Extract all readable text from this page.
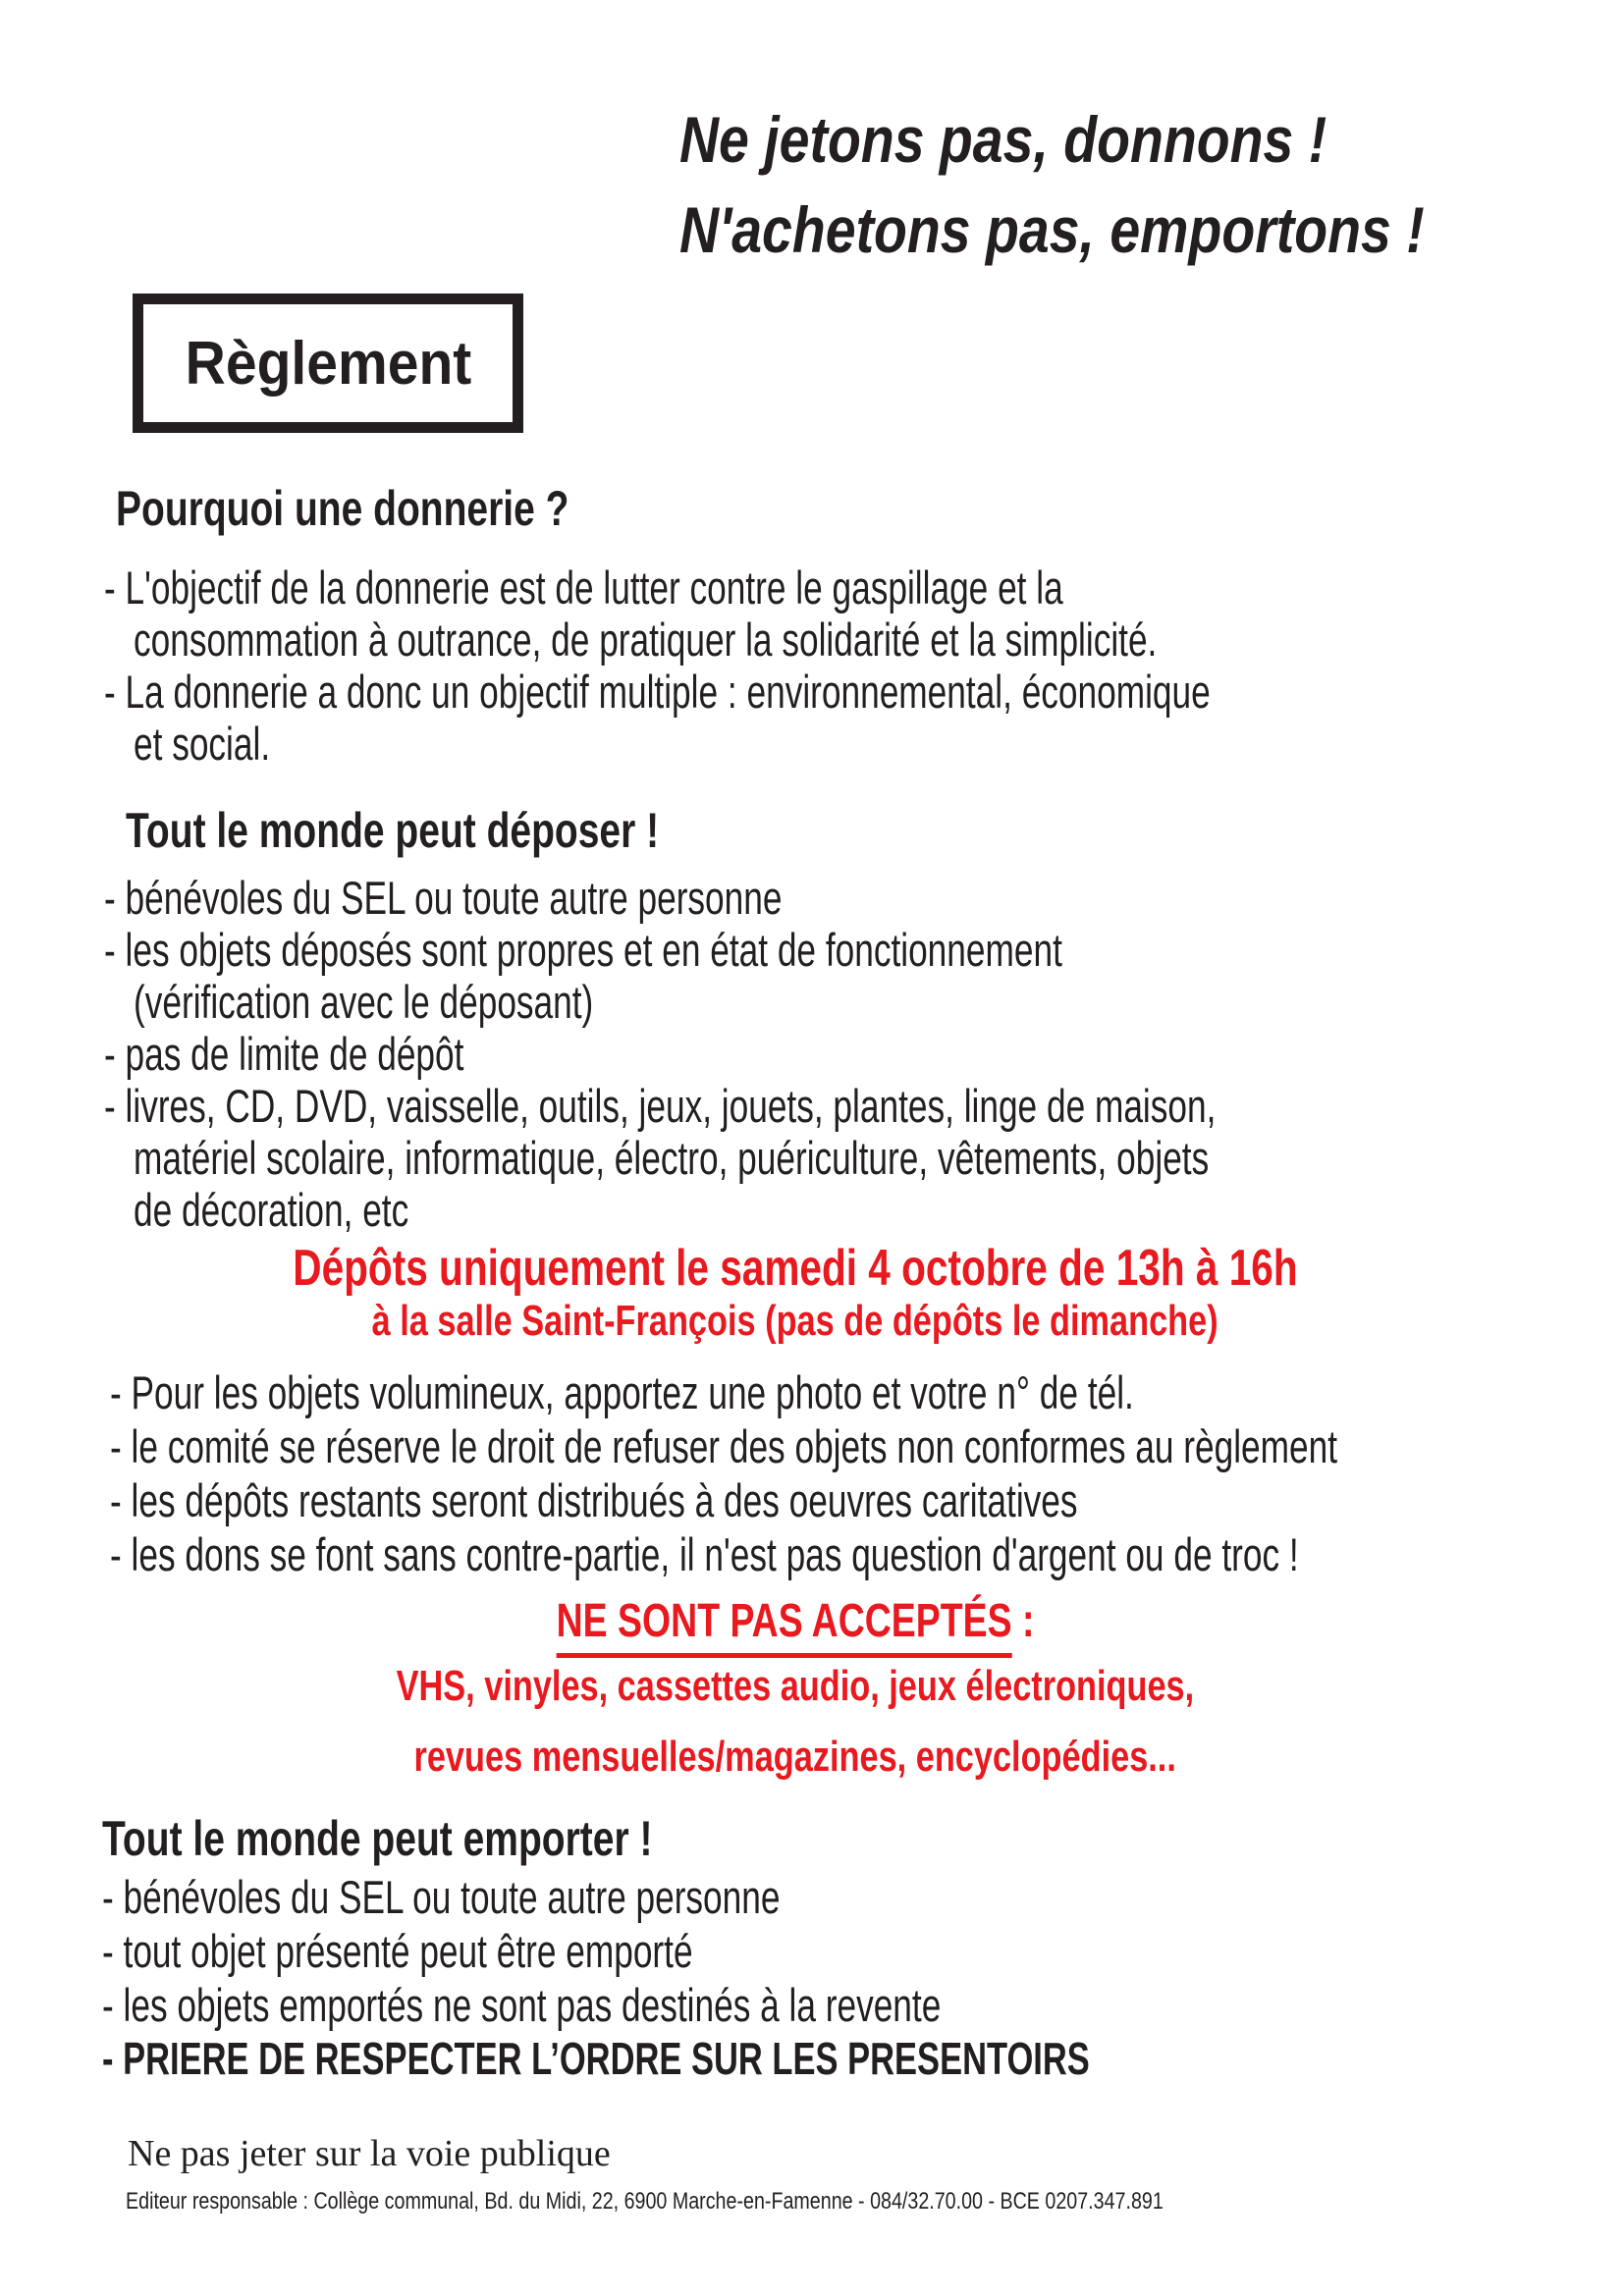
Ne jetons pas, donnons !
N'achetons pas, emportons !
Règlement
Pourquoi une donnerie ?
- L'objectif de la donnerie est de lutter contre le gaspillage et la
consommation à outrance, de pratiquer la solidarité et la simplicité.
- La donnerie a donc un objectif multiple : environnemental, économique
et social.
Tout le monde peut déposer !
- bénévoles du SEL ou toute autre personne
- les objets déposés sont propres et en état de fonctionnement
(vérification avec le déposant)
- pas de limite de dépôt
- livres, CD, DVD, vaisselle, outils, jeux, jouets, plantes, linge de maison,
matériel scolaire, informatique, électro, puériculture, vêtements, objets
de décoration, etc
Dépôts uniquement le samedi 4 octobre de 13h à 16h
à la salle Saint-François (pas de dépôts le dimanche)
- Pour les objets volumineux, apportez une photo et votre n° de tél.
- le comité se réserve le droit de refuser des objets non conformes au règlement
- les dépôts restants seront distribués à des oeuvres caritatives
- les dons se font sans contre-partie, il n'est pas question d'argent ou de troc !
NE SONT PAS ACCEPTÉS :
VHS, vinyles, cassettes audio, jeux électroniques,
revues mensuelles/magazines, encyclopédies...
Tout le monde peut emporter !
- bénévoles du SEL ou toute autre personne
- tout objet présenté peut être emporté
- les objets emportés ne sont pas destinés à la revente
- PRIERE DE RESPECTER L’ORDRE SUR LES PRESENTOIRS
Ne pas jeter sur la voie publique
Editeur responsable : Collège communal, Bd. du Midi, 22, 6900 Marche-en-Famenne - 084/32.70.00 - BCE 0207.347.891
